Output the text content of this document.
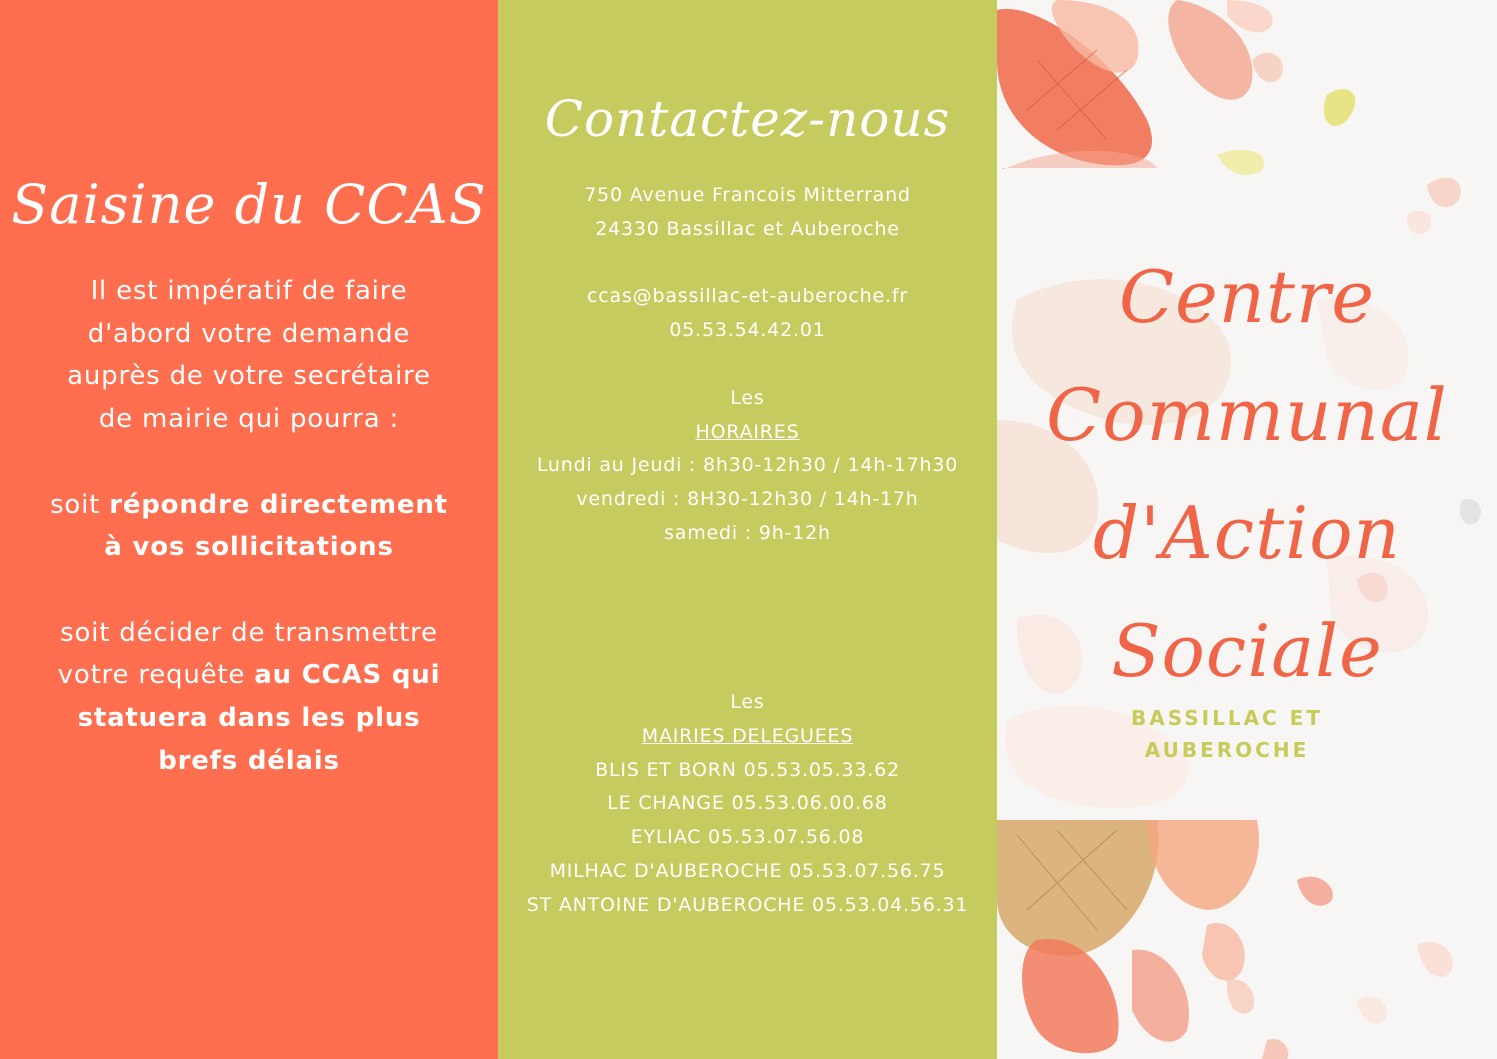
Saisine du CCAS

Il est impératif de faire

d'abord votre demande

auprès de votre secrétaire

de mairie qui pourra :

soit répondre directement

à vos sollicitations

soit décider de transmettre

votre requête au CCAS qui

statuera dans les plus

brefs délais

Contactez-nous
750 Avenue Francois Mitterrand
24330 Bassillac et Auberoche
ccas@bassillac-et-auberoche.fr
05.53.54.42.01
Les
HORAIRES
Lundi au Jeudi : 8h30-12h30 / 14h-17h30
vendredi : 8H30-12h30 / 14h-17h
samedi : 9h-12h
Les
MAIRIES DELEGUEES
BLIS ET BORN 05.53.05.33.62
LE CHANGE 05.53.06.00.68
EYLIAC 05.53.07.56.08
MILHAC D'AUBEROCHE 05.53.07.56.75
ST ANTOINE D'AUBEROCHE 05.53.04.56.31
Centre
Communal
d'Action
Sociale
BASSILLAC ET
AUBEROCHE
